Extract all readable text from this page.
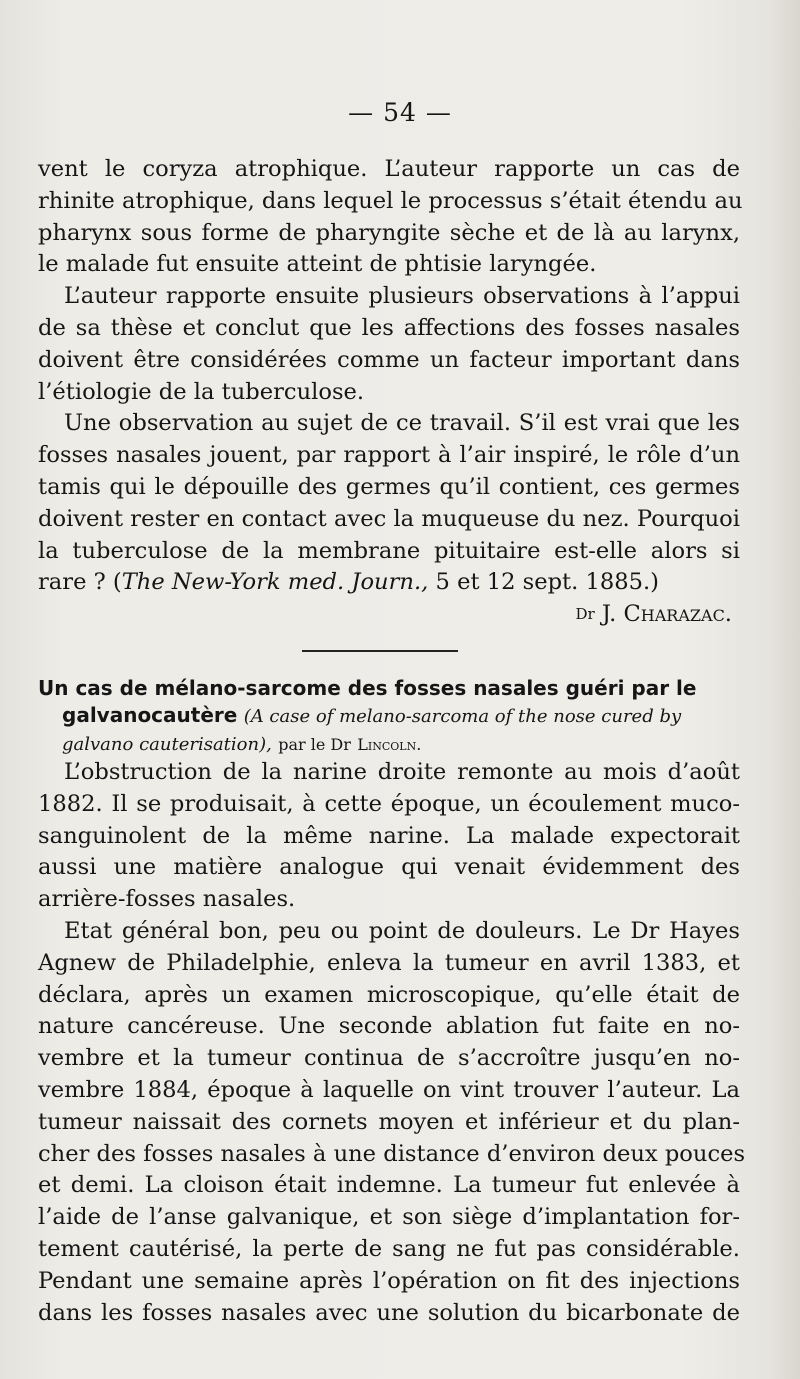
— 54 —
vent le coryza atrophique. L’auteur rapporte un cas de
rhinite atrophique, dans lequel le processus s’était étendu au
pharynx sous forme de pharyngite sèche et de là au larynx,
le malade fut ensuite atteint de phtisie laryngée.
L’auteur rapporte ensuite plusieurs observations à l’appui
de sa thèse et conclut que les affections des fosses nasales
doivent être considérées comme un facteur important dans
l’étiologie de la tuberculose.
Une observation au sujet de ce travail. S’il est vrai que les
fosses nasales jouent, par rapport à l’air inspiré, le rôle d’un
tamis qui le dépouille des germes qu’il contient, ces germes
doivent rester en contact avec la muqueuse du nez. Pourquoi
la tuberculose de la membrane pituitaire est-elle alors si
rare ? (The New-York med. Journ., 5 et 12 sept. 1885.)
$^{Dr}$ J. Charazac.
Un cas de mélano-sarcome des fosses nasales guéri par le
galvanocautère (A case of melano-sarcoma of the nose cured by
galvano cauterisation), par le Dr Lincoln.
L’obstruction de la narine droite remonte au mois d’août
1882. Il se produisait, à cette époque, un écoulement muco-
sanguinolent de la même narine. La malade expectorait
aussi une matière analogue qui venait évidemment des
arrière-fosses nasales.
Etat général bon, peu ou point de douleurs. Le Dr Hayes
Agnew de Philadelphie, enleva la tumeur en avril 1383, et
déclara, après un examen microscopique, qu’elle était de
nature cancéreuse. Une seconde ablation fut faite en no-
vembre et la tumeur continua de s’accroître jusqu’en no-
vembre 1884, époque à laquelle on vint trouver l’auteur. La
tumeur naissait des cornets moyen et inférieur et du plan-
cher des fosses nasales à une distance d’environ deux pouces
et demi. La cloison était indemne. La tumeur fut enlevée à
l’aide de l’anse galvanique, et son siège d’implantation for-
tement cautérisé, la perte de sang ne fut pas considérable.
Pendant une semaine après l’opération on fit des injections
dans les fosses nasales avec une solution du bicarbonate de
